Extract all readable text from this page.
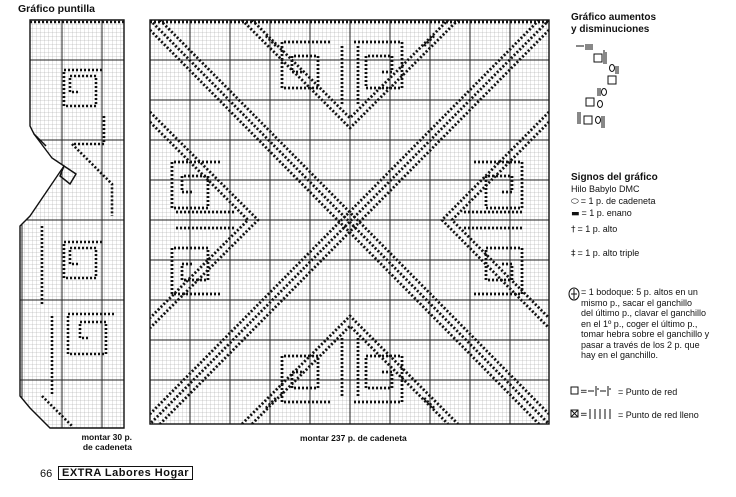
Gráfico puntilla
montar 30 p.
de cadeneta
montar 237 p. de cadeneta
Gráfico aumentos
y disminuciones
Signos del gráfico
Hilo Babylo DMC
⬭ = 1 p. de cadeneta
▬ = 1 p. enano
† = 1 p. alto
‡ = 1 p. alto triple
= 1 bodoque: 5 p. altos en un
mismo p., sacar el ganchillo
del último p., clavar el ganchillo
en el 1º p., coger el último p.,
tomar hebra sobre el ganchillo y
pasar a través de los 2 p. que
hay en el ganchillo.
=	= Punto de red
=	= Punto de red lleno
66 EXTRA Labores Hogar
